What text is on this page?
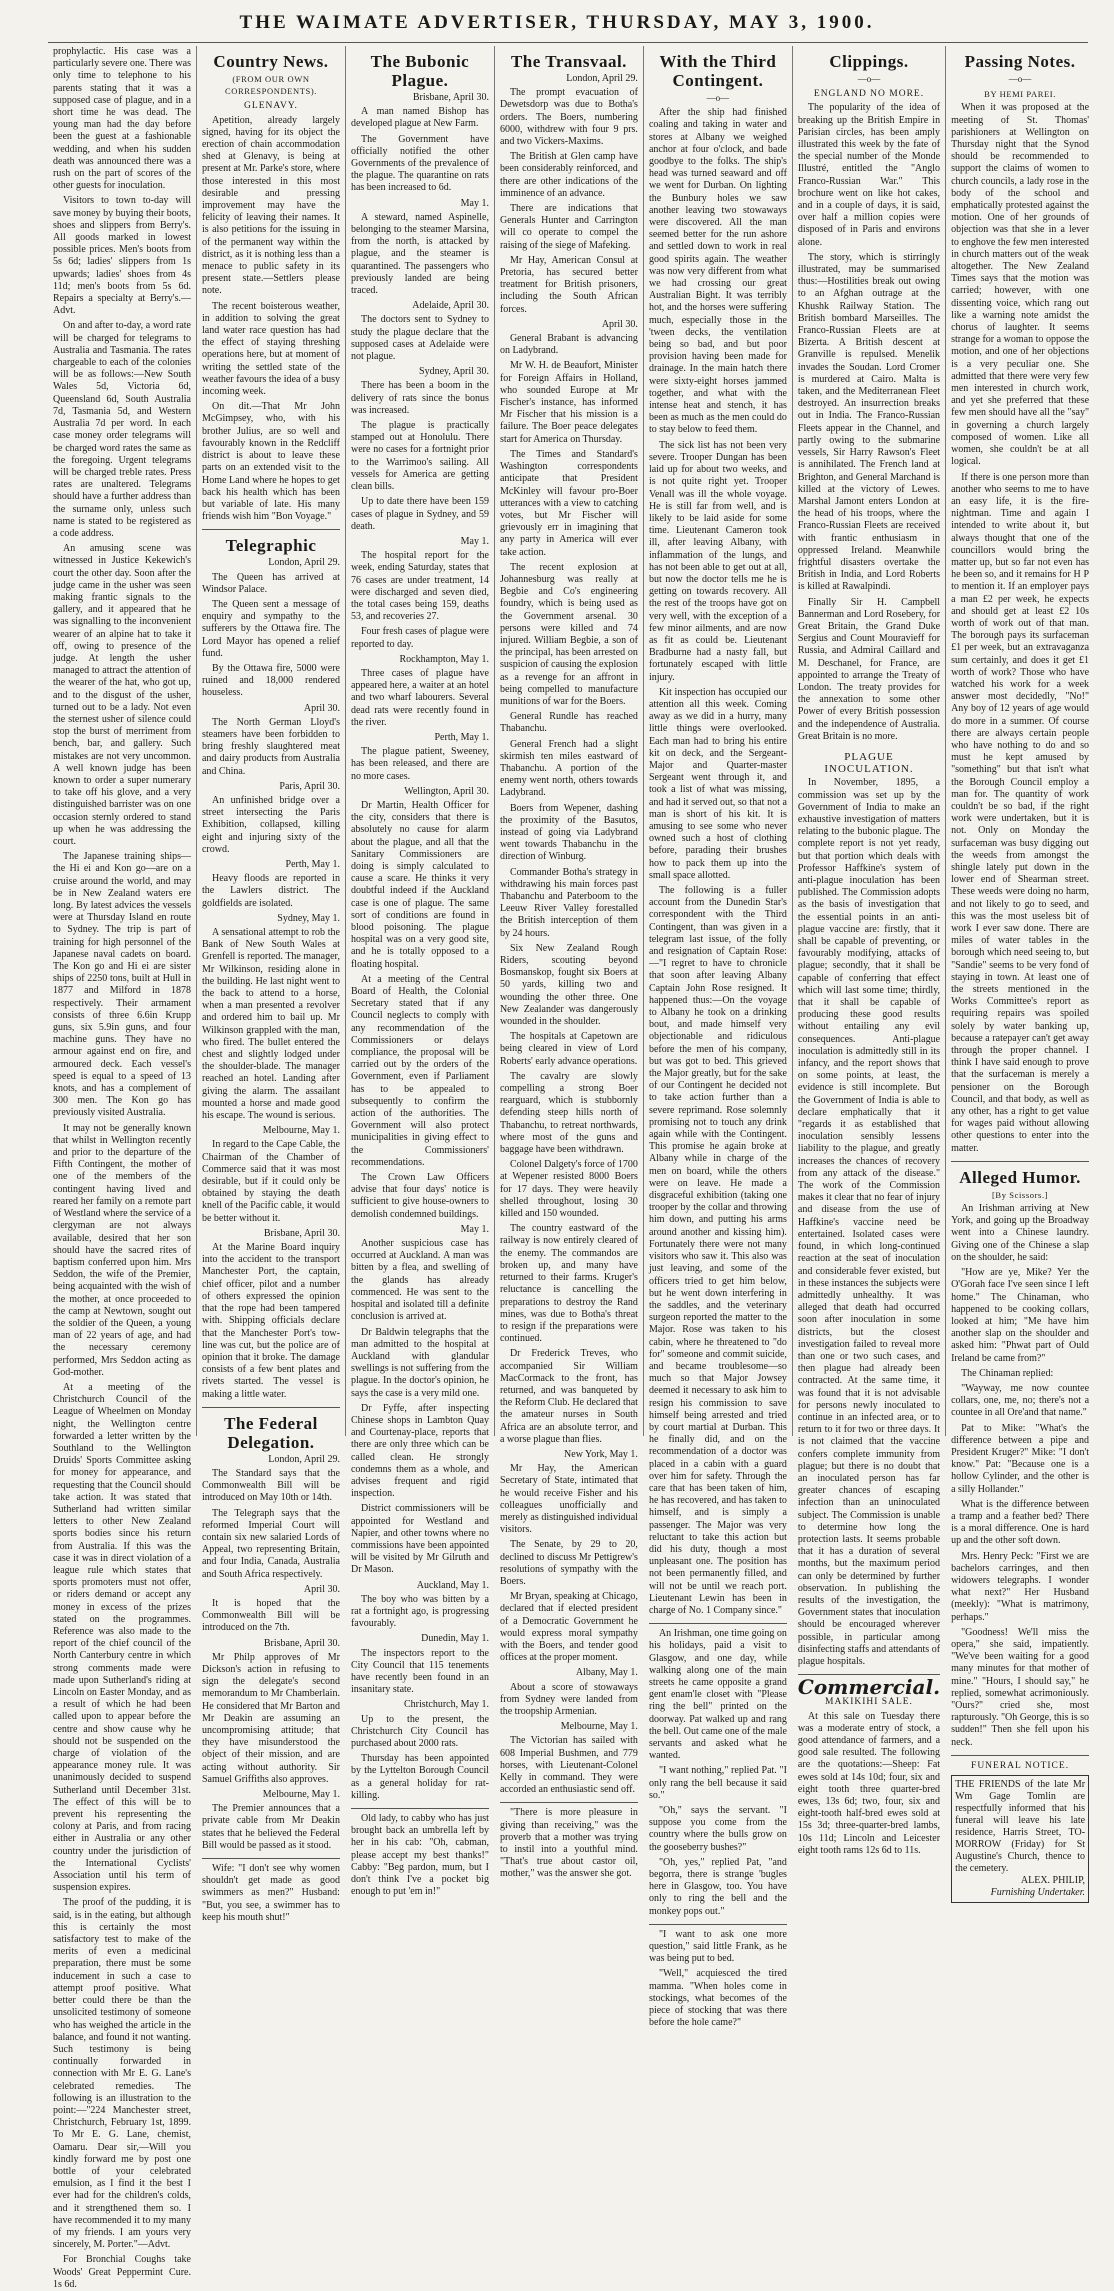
THE WAIMATE ADVERTISER, THURSDAY, MAY 3, 1900.

prophylactic. His case was a particularly severe one. There was only time to telephone to his parents stating that it was a supposed case of plague, and in a short time he was dead. The young man had the day before been the guest at a fashionable wedding, and when his sudden death was announced there was a rush on the part of scores of the other guests for inoculation.

Visitors to town to-day will save money by buying their boots, shoes and slippers from Berry's. All goods marked in lowest possible prices. Men's boots from 5s 6d; ladies' slippers from 1s upwards; ladies' shoes from 4s 11d; men's boots from 5s 6d. Repairs a specialty at Berry's.—Advt.

On and after to-day, a word rate will be charged for telegrams to Australia and Tasmania. The rates chargeable to each of the colonies will be as follows:—New South Wales 5d, Victoria 6d, Queensland 6d, South Australia 7d, Tasmania 5d, and Western Australia 7d per word. In each case money order telegrams will be charged word rates the same as the foregoing. Urgent telegrams will be charged treble rates. Press rates are unaltered. Telegrams should have a further address than the surname only, unless such name is stated to be registered as a code address.

An amusing scene was witnessed in Justice Kekewich's court the other day. Soon after the judge came in the usher was seen making frantic signals to the gallery, and it appeared that he was signalling to the inconvenient wearer of an alpine hat to take it off, owing to presence of the judge. At length the usher managed to attract the attention of the wearer of the hat, who got up, and to the disgust of the usher, turned out to be a lady. Not even the sternest usher of silence could stop the burst of merriment from bench, bar, and gallery. Such mistakes are not very uncommon. A well known judge has been known to order a super numerary to take off his glove, and a very distinguished barrister was on one occasion sternly ordered to stand up when he was addressing the court.

The Japanese training ships—the Hi ei and Kon go—are on a cruise around the world, and may be in New Zealand waters ere long. By latest advices the vessels were at Thursday Island en route to Sydney. The trip is part of training for high personnel of the Japanese naval cadets on board. The Kon go and Hi ei are sister ships of 2250 tons, built at Hull in 1877 and Milford in 1878 respectively. Their armament consists of three 6.6in Krupp guns, six 5.9in guns, and four machine guns. They have no armour against end on fire, and armoured deck. Each vessel's speed is equal to a speed of 13 knots, and has a complement of 300 men. The Kon go has previously visited Australia.

It may not be generally known that whilst in Wellington recently and prior to the departure of the Fifth Contingent, the mother of one of the members of the contingent having lived and reared her family on a remote part of Westland where the service of a clergyman are not always available, desired that her son should have the sacred rites of baptism conferred upon him. Mrs Seddon, the wife of the Premier, being acquainted with the wish of the mother, at once proceeded to the camp at Newtown, sought out the soldier of the Queen, a young man of 22 years of age, and had the necessary ceremony performed, Mrs Seddon acting as God-mother.

At a meeting of the Christchurch Council of the League of Wheelmen on Monday night, the Wellington centre forwarded a letter written by the Southland to the Wellington Druids' Sports Committee asking for money for appearance, and requesting that the Council should take action. It was stated that Sutherland had written similar letters to other New Zealand sports bodies since his return from Australia. If this was the case it was in direct violation of a league rule which states that sports promoters must not offer, or riders demand or accept any money in excess of the prizes stated on the programmes. Reference was also made to the report of the chief council of the North Canterbury centre in which strong comments made were made upon Sutherland's riding at Lincoln on Easter Monday, and as a result of which he had been called upon to appear before the centre and show cause why he should not be suspended on the charge of violation of the appearance money rule. It was unanimously decided to suspend Sutherland until December 31st. The effect of this will be to prevent his representing the colony at Paris, and from racing either in Australia or any other country under the jurisdiction of the International Cyclists' Association until his term of suspension expires.

The proof of the pudding, it is said, is in the eating, but although this is certainly the most satisfactory test to make of the merits of even a medicinal preparation, there must be some inducement in such a case to attempt proof positive. What better could there be than the unsolicited testimony of someone who has weighed the article in the balance, and found it not wanting. Such testimony is being continually forwarded in connection with Mr E. G. Lane's celebrated remedies. The following is an illustration to the point:—"224 Manchester street, Christchurch, February 1st, 1899. To Mr E. G. Lane, chemist, Oamaru. Dear sir,—Will you kindly forward me by post one bottle of your celebrated emulsion, as I find it the best I ever had for the children's colds, and it strengthened them so. I have recommended it to my many of my friends. I am yours very sincerely, M. Porter."—Advt.

For Bronchial Coughs take Woods' Great Peppermint Cure. 1s 6d.

Country News.
(FROM OUR OWN CORRESPONDENTS).
GLENAVY.

Apetition, already largely signed, having for its object the erection of chain accommodation shed at Glenavy, is being at present at Mr. Parke's store, where those interested in this most desirable and pressing improvement may have the felicity of leaving their names. It is also petitions for the issuing in of the permanent way within the district, as it is nothing less than a menace to public safety in its present state.—Settlers please note.

The recent boisterous weather, in addition to solving the great land water race question has had the effect of staying threshing operations here, but at moment of writing the settled state of the weather favours the idea of a busy incoming week.

On dit.—That Mr John McGimpsey, who, with his brother Julius, are so well and favourably known in the Redcliff district is about to leave these parts on an extended visit to the Home Land where he hopes to get back his health which has been but variable of late. His many friends wish him "Bon Voyage."

Telegraphic
London, April 29.

The Queen has arrived at Windsor Palace.

The Queen sent a message of enquiry and sympathy to the sufferers by the Ottawa fire. The Lord Mayor has opened a relief fund.

By the Ottawa fire, 5000 were ruined and 18,000 rendered houseless.

April 30.

The North German Lloyd's steamers have been forbidden to bring freshly slaughtered meat and dairy products from Australia and China.

Paris, April 30.

An unfinished bridge over a street intersecting the Paris Exhibition, collapsed, killing eight and injuring sixty of the crowd.

Perth, May 1.

Heavy floods are reported in the Lawlers district. The goldfields are isolated.

Sydney, May 1.

A sensational attempt to rob the Bank of New South Wales at Grenfell is reported. The manager, Mr Wilkinson, residing alone in the building. He last night went to the back to attend to a horse, when a man presented a revolver and ordered him to bail up. Mr Wilkinson grappled with the man, who fired. The bullet entered the chest and slightly lodged under the shoulder-blade. The manager reached an hotel. Landing after giving the alarm. The assailant mounted a horse and made good his escape. The wound is serious.

Melbourne, May 1.

In regard to the Cape Cable, the Chairman of the Chamber of Commerce said that it was most desirable, but if it could only be obtained by staying the death knell of the Pacific cable, it would be better without it.

Brisbane, April 30.

At the Marine Board inquiry into the accident to the transport Manchester Port, the captain, chief officer, pilot and a number of others expressed the opinion that the rope had been tampered with. Shipping officials declare that the Manchester Port's tow-line was cut, but the police are of opinion that it broke. The damage consists of a few bent plates and rivets started. The vessel is making a little water.

The Federal Delegation.
London, April 29.

The Standard says that the Commonwealth Bill will be introduced on May 10th or 14th.

The Telegraph says that the reformed Imperial Court will contain six new salaried Lords of Appeal, two representing Britain, and four India, Canada, Australia and South Africa respectively.

April 30.

It is hoped that the Commonwealth Bill will be introduced on the 7th.

Brisbane, April 30.

Mr Philp approves of Mr Dickson's action in refusing to sign the delegate's second memorandum to Mr Chamberlain. He considered that Mr Barton and Mr Deakin are assuming an uncompromising attitude; that they have misunderstood the object of their mission, and are acting without authority. Sir Samuel Griffiths also approves.

Melbourne, May 1.

The Premier announces that a private cable from Mr Deakin states that he believed the Federal Bill would be passed as it stood.

Wife: "I don't see why women shouldn't get made as good swimmers as men?" Husband: "But, you see, a swimmer has to keep his mouth shut!"

The Bubonic Plague.
Brisbane, April 30.

A man named Bishop has developed plague at New Farm.

The Government have officially notified the other Governments of the prevalence of the plague. The quarantine on rats has been increased to 6d.

May 1.

A steward, named Aspinelle, belonging to the steamer Marsina, from the north, is attacked by plague, and the steamer is quarantined. The passengers who previously landed are being traced.

Adelaide, April 30.

The doctors sent to Sydney to study the plague declare that the supposed cases at Adelaide were not plague.

Sydney, April 30.

There has been a boom in the delivery of rats since the bonus was increased.

The plague is practically stamped out at Honolulu. There were no cases for a fortnight prior to the Warrimoo's sailing. All vessels for America are getting clean bills.

Up to date there have been 159 cases of plague in Sydney, and 59 death.

May 1.

The hospital report for the week, ending Saturday, states that 76 cases are under treatment, 14 were discharged and seven died, the total cases being 159, deaths 53, and recoveries 27.

Four fresh cases of plague were reported to day.

Rockhampton, May 1.

Three cases of plague have appeared here, a waiter at an hotel and two wharf labourers. Several dead rats were recently found in the river.

Perth, May 1.

The plague patient, Sweeney, has been released, and there are no more cases.

Wellington, April 30.

Dr Martin, Health Officer for the city, considers that there is absolutely no cause for alarm about the plague, and all that the Sanitary Commissioners are doing is simply calculated to cause a scare. He thinks it very doubtful indeed if the Auckland case is one of plague. The same sort of conditions are found in blood poisoning. The plague hospital was on a very good site, and he is totally opposed to a floating hospital.

At a meeting of the Central Board of Health, the Colonial Secretary stated that if any Council neglects to comply with any recommendation of the Commissioners or delays compliance, the proposal will be carried out by the orders of the Government, even if Parliament has to be appealed to subsequently to confirm the action of the authorities. The Government will also protect municipalities in giving effect to the Commissioners' recommendations.

The Crown Law Officers advise that four days' notice is sufficient to give house-owners to demolish condemned buildings.

May 1.

Another suspicious case has occurred at Auckland. A man was bitten by a flea, and swelling of the glands has already commenced. He was sent to the hospital and isolated till a definite conclusion is arrived at.

Dr Baldwin telegraphs that the man admitted to the hospital at Auckland with glandular swellings is not suffering from the plague. In the doctor's opinion, he says the case is a very mild one.

Dr Fyffe, after inspecting Chinese shops in Lambton Quay and Courtenay-place, reports that there are only three which can be called clean. He strongly condemns them as a whole, and advises frequent and rigid inspection.

District commissioners will be appointed for Westland and Napier, and other towns where no commissions have been appointed will be visited by Mr Gilruth and Dr Mason.

Auckland, May 1.

The boy who was bitten by a rat a fortnight ago, is progressing favourably.

Dunedin, May 1.

The inspectors report to the City Council that 115 tenements have recently been found in an insanitary state.

Christchurch, May 1.

Up to the present, the Christchurch City Council has purchased about 2000 rats.

Thursday has been appointed by the Lyttelton Borough Council as a general holiday for rat-killing.

Old lady, to cabby who has just brought back an umbrella left by her in his cab: "Oh, cabman, please accept my best thanks!" Cabby: "Beg pardon, mum, but I don't think I've a pocket big enough to put 'em in!"

The Transvaal.
London, April 29.

The prompt evacuation of Dewetsdorp was due to Botha's orders. The Boers, numbering 6000, withdrew with four 9 prs. and two Vickers-Maxims.

The British at Glen camp have been considerably reinforced, and there are other indications of the imminence of an advance.

There are indications that Generals Hunter and Carrington will co operate to compel the raising of the siege of Mafeking.

Mr Hay, American Consul at Pretoria, has secured better treatment for British prisoners, including the South African forces.

April 30.

General Brabant is advancing on Ladybrand.

Mr W. H. de Beaufort, Minister for Foreign Affairs in Holland, who sounded Europe at Mr Fischer's instance, has informed Mr Fischer that his mission is a failure. The Boer peace delegates start for America on Thursday.

The Times and Standard's Washington correspondents anticipate that President McKinley will favour pro-Boer utterances with a view to catching votes, but Mr Fischer will grievously err in imagining that any party in America will ever take action.

The recent explosion at Johannesburg was really at Begbie and Co's engineering foundry, which is being used as the Government arsenal. 30 persons were killed and 74 injured. William Begbie, a son of the principal, has been arrested on suspicion of causing the explosion as a revenge for an affront in being compelled to manufacture munitions of war for the Boers.

General Rundle has reached Thabanchu.

General French had a slight skirmish ten miles eastward of Thabanchu. A portion of the enemy went north, others towards Ladybrand.

Boers from Wepener, dashing the proximity of the Basutos, instead of going via Ladybrand went towards Thabanchu in the direction of Winburg.

Commander Botha's strategy in withdrawing his main forces past Thabanchu and Paterboom to the Leeuw River Valley forestalled the British interception of them by 24 hours.

Six New Zealand Rough Riders, scouting beyond Bosmanskop, fought six Boers at 50 yards, killing two and wounding the other three. One New Zealander was dangerously wounded in the shoulder.

The hospitals at Capetown are being cleared in view of Lord Roberts' early advance operations.

The cavalry are slowly compelling a strong Boer rearguard, which is stubbornly defending steep hills north of Thabanchu, to retreat northwards, where most of the guns and baggage have been withdrawn.

Colonel Dalgety's force of 1700 at Wepener resisted 8000 Boers for 17 days. They were heavily shelled throughout, losing 30 killed and 150 wounded.

The country eastward of the railway is now entirely cleared of the enemy. The commandos are broken up, and many have returned to their farms. Kruger's reluctance is cancelling the preparations to destroy the Rand mines, was due to Botha's threat to resign if the preparations were continued.

Dr Frederick Treves, who accompanied Sir William MacCormack to the front, has returned, and was banqueted by the Reform Club. He declared that the amateur nurses in South Africa are an absolute terror, and a worse plague than flies.

New York, May 1.

Mr Hay, the American Secretary of State, intimated that he would receive Fisher and his colleagues unofficially and merely as distinguished individual visitors.

The Senate, by 29 to 20, declined to discuss Mr Pettigrew's resolutions of sympathy with the Boers.

Mr Bryan, speaking at Chicago, declared that if elected president of a Democratic Government he would express moral sympathy with the Boers, and tender good offices at the proper moment.

Albany, May 1.

About a score of stowaways from Sydney were landed from the troopship Armenian.

Melbourne, May 1.

The Victorian has sailed with 608 Imperial Bushmen, and 779 horses, with Lieutenant-Colonel Kelly in command. They were accorded an enthusiastic send off.

"There is more pleasure in giving than receiving," was the proverb that a mother was trying to instil into a youthful mind. "That's true about castor oil, mother," was the answer she got.

With the Third Contingent.
—o—

After the ship had finished coaling and taking in water and stores at Albany we weighed anchor at four o'clock, and bade goodbye to the folks. The ship's head was turned seaward and off we went for Durban. On lighting the Bunbury holes we saw another leaving two stowaways were discovered. All the man seemed better for the run ashore and settled down to work in real good spirits again. The weather was now very different from what we had crossing our great Australian Bight. It was terribly hot, and the horses were suffering much, especially those in the 'tween decks, the ventilation being so bad, and but poor provision having been made for drainage. In the main hatch there were sixty-eight horses jammed together, and what with the intense heat and stench, it has been as much as the men could do to stay below to feed them.

The sick list has not been very severe. Trooper Dungan has been laid up for about two weeks, and is not quite right yet. Trooper Venall was ill the whole voyage. He is still far from well, and is likely to be laid aside for some time. Lieutenant Cameron took ill, after leaving Albany, with inflammation of the lungs, and has not been able to get out at all, but now the doctor tells me he is getting on towards recovery. All the rest of the troops have got on very well, with the exception of a few minor ailments, and are now as fit as could be. Lieutenant Bradburne had a nasty fall, but fortunately escaped with little injury.

Kit inspection has occupied our attention all this week. Coming away as we did in a hurry, many little things were overlooked. Each man had to bring his entire kit on deck, and the Sergeant-Major and Quarter-master Sergeant went through it, and took a list of what was missing, and had it served out, so that not a man is short of his kit. It is amusing to see some who never owned such a host of clothing before, parading their brushes how to pack them up into the small space allotted.

The following is a fuller account from the Dunedin Star's correspondent with the Third Contingent, than was given in a telegram last issue, of the folly and resignation of Captain Rose:—"I regret to have to chronicle that soon after leaving Albany Captain John Rose resigned. It happened thus:—On the voyage to Albany he took on a drinking bout, and made himself very objectionable and ridiculous before the men of his company, but was got to bed. This grieved the Major greatly, but for the sake of our Contingent he decided not to take action further than a severe reprimand. Rose solemnly promising not to touch any drink again while with the Contingent. This promise he again broke at Albany while in charge of the men on board, while the others were on leave. He made a disgraceful exhibition (taking one trooper by the collar and throwing him down, and putting his arms around another and kissing him). Fortunately there were not many visitors who saw it. This also was just leaving, and some of the officers tried to get him below, but he went down interfering in the saddles, and the veterinary surgeon reported the matter to the Major. Rose was taken to his cabin, where he threatened to "do for" someone and commit suicide, and became troublesome—so much so that Major Jowsey deemed it necessary to ask him to resign his commission to save himself being arrested and tried by court martial at Durban. This he finally did, and on the recommendation of a doctor was placed in a cabin with a guard over him for safety. Through the care that has been taken of him, he has recovered, and has taken to himself, and is simply a passenger. The Major was very reluctant to take this action but did his duty, though a most unpleasant one. The position has not been permanently filled, and will not be until we reach port. Lieutenant Lewin has been in charge of No. 1 Company since."

An Irishman, one time going on his holidays, paid a visit to Glasgow, and one day, while walking along one of the main streets he came opposite a grand gent enam'le closet with "Please ring the bell" printed on the doorway. Pat walked up and rang the bell. Out came one of the male servants and asked what he wanted.

"I want nothing," replied Pat. "I only rang the bell because it said so."

"Oh," says the servant. "I suppose you come from the country where the bulls grow on the gooseberry bushes?"

"Oh, yes," replied Pat, "and begorra, there is strange 'bugles here in Glasgow, too. You have only to ring the bell and the monkey pops out."

"I want to ask one more question," said little Frank, as he was being put to bed.

"Well," acquiesced the tired mamma. "When holes come in stockings, what becomes of the piece of stocking that was there before the hole came?"

Clippings.
—o—
ENGLAND NO MORE.

The popularity of the idea of breaking up the British Empire in Parisian circles, has been amply illustrated this week by the fate of the special number of the Monde Illustré, entitled the "Anglo Franco-Russian War." This brochure went on like hot cakes, and in a couple of days, it is said, over half a million copies were disposed of in Paris and environs alone.

The story, which is stirringly illustrated, may be summarised thus:—Hostilities break out owing to an Afghan outrage at the Khushk Railway Station. The British bombard Marseilles. The Franco-Russian Fleets are at Bizerta. A British descent at Granville is repulsed. Menelik invades the Soudan. Lord Cromer is murdered at Cairo. Malta is taken, and the Mediterranean Fleet destroyed. An insurrection breaks out in India. The Franco-Russian Fleets appear in the Channel, and partly owing to the submarine vessels, Sir Harry Rawson's Fleet is annihilated. The French land at Brighton, and General Marchand is killed at the victory of Lewes. Marshal Jamont enters London at the head of his troops, where the Franco-Russian Fleets are received with frantic enthusiasm in oppressed Ireland. Meanwhile frightful disasters overtake the British in India, and Lord Roberts is killed at Rawalpindi.

Finally Sir H. Campbell Bannerman and Lord Rosebery, for Great Britain, the Grand Duke Sergius and Count Mouravieff for Russia, and Admiral Caillard and M. Deschanel, for France, are appointed to arrange the Treaty of London. The treaty provides for the annexation to some other Power of every British possession and the independence of Australia. Great Britain is no more.

PLAGUE INOCULATION.

In November, 1895, a commission was set up by the Government of India to make an exhaustive investigation of matters relating to the bubonic plague. The complete report is not yet ready, but that portion which deals with Professor Haffkine's system of anti-plague inoculation has been published. The Commission adopts as the basis of investigation that the essential points in an anti-plague vaccine are: firstly, that it shall be capable of preventing, or favourably modifying, attacks of plague; secondly, that it shall be capable of conferring that effect which will last some time; thirdly, that it shall be capable of producing these good results without entailing any evil consequences. Anti-plague inoculation is admittedly still in its infancy, and the report shows that on some points, at least, the evidence is still incomplete. But the Government of India is able to declare emphatically that it "regards it as established that inoculation sensibly lessens liability to the plague, and greatly increases the chances of recovery from any attack of the disease." The work of the Commission makes it clear that no fear of injury and disease from the use of Haffkine's vaccine need be entertained. Isolated cases were found, in which long-continued reaction at the seat of inoculation and considerable fever existed, but in these instances the subjects were admittedly unhealthy. It was alleged that death had occurred soon after inoculation in some districts, but the closest investigation failed to reveal more than one or two such cases, and then plague had already been contracted. At the same time, it was found that it is not advisable for persons newly inoculated to continue in an infected area, or to return to it for two or three days. It is not claimed that the vaccine confers complete immunity from plague; but there is no doubt that an inoculated person has far greater chances of escaping infection than an uninoculated subject. The Commission is unable to determine how long the protection lasts. It seems probable that it has a duration of several months, but the maximum period can only be determined by further observation. In publishing the results of the investigation, the Government states that inoculation should be encouraged wherever possible, in particular among disinfecting staffs and attendants of plague hospitals.

Commercial.
MAKIKIHI SALE.

At this sale on Tuesday there was a moderate entry of stock, a good attendance of farmers, and a good sale resulted. The following are the quotations:—Sheep: Fat ewes sold at 14s 10d; four, six and eight tooth three quarter-bred ewes, 13s 6d; two, four, six and eight-tooth half-bred ewes sold at 15s 3d; three-quarter-bred lambs, 10s 11d; Lincoln and Leicester eight tooth rams 12s 6d to 11s.

Passing Notes.
—o—
BY HEMI PAREI.

When it was proposed at the meeting of St. Thomas' parishioners at Wellington on Thursday night that the Synod should be recommended to support the claims of women to church councils, a lady rose in the body of the school and emphatically protested against the motion. One of her grounds of objection was that she in a lever to enghove the few men interested in church matters out of the weak altogether. The New Zealand Times says that the motion was carried; however, with one dissenting voice, which rang out like a warning note amidst the chorus of laughter. It seems strange for a woman to oppose the motion, and one of her objections is a very peculiar one. She admitted that there were very few men interested in church work, and yet she preferred that these few men should have all the "say" in governing a church largely composed of women. Like all women, she couldn't be at all logical.

If there is one person more than another who seems to me to have an easy life, it is the fire-nightman. Time and again I intended to write about it, but always thought that one of the councillors would bring the matter up, but so far not even has he been so, and it remains for H P to mention it. If an employer pays a man £2 per week, he expects and should get at least £2 10s worth of work out of that man. The borough pays its surfaceman £1 per week, but an extravaganza sum certainly, and does it get £1 worth of work? Those who have watched his work for a week answer most decidedly, "No!" Any boy of 12 years of age would do more in a summer. Of course there are always certain people who have nothing to do and so must he kept amused by "something" but that isn't what the Borough Council employ a man for. The quantity of work couldn't be so bad, if the right work were undertaken, but it is not. Only on Monday the surfaceman was busy digging out the weeds from amongst the shingle lately put down in the lower end of Shearman street. These weeds were doing no harm, and not likely to go to seed, and this was the most useless bit of work I ever saw done. There are miles of water tables in the borough which need seeing to, but "Sandie" seems to be very fond of staying in town. At least one of the streets mentioned in the Works Committee's report as requiring repairs was spoiled solely by water banking up, because a ratepayer can't get away through the proper channel. I think I have said enough to prove that the surfaceman is merely a pensioner on the Borough Council, and that body, as well as any other, has a right to get value for wages paid without allowing other questions to enter into the matter.

Alleged Humor.
[By Scissors.]

An Irishman arriving at New York, and going up the Broadway went into a Chinese laundry. Giving one of the Chinese a slap on the shoulder, he said:

"How are ye, Mike? Yer the O'Gorah face I've seen since I left home." The Chinaman, who happened to be cooking collars, looked at him; "Me have him another slap on the shoulder and asked him: "Phwat part of Ould Ireland be came from?"

The Chinaman replied:

"Wayway, me now countee collars, one, me, no; there's not a countee in all Ore'and that name."

Pat to Mike: "What's the difference between a pipe and President Kruger?" Mike: "I don't know." Pat: "Because one is a hollow Cylinder, and the other is a silly Hollander."

What is the difference between a tramp and a feather bed? There is a moral difference. One is hard up and the other soft down.

Mrs. Henry Peck: "First we are bachelors carringes, and then widowers telegraphs. I wonder what next?" Her Husband (meekly): "What is matrimony, perhaps."

"Goodness! We'll miss the opera," she said, impatiently. "We've been waiting for a good many minutes for that mother of mine." "Hours, I should say," he replied, somewhat acrimoniously. "Ours?" cried she, most rapturously. "Oh George, this is so sudden!" Then she fell upon his neck.

FUNERAL NOTICE.
THE FRIENDS of the late Mr Wm Gage Tomlin are respectfully informed that his funeral will leave his late residence, Harris Street, TO-MORROW (Friday) for St Augustine's Church, thence to the cemetery.
ALEX. PHILIP,
Furnishing Undertaker.
